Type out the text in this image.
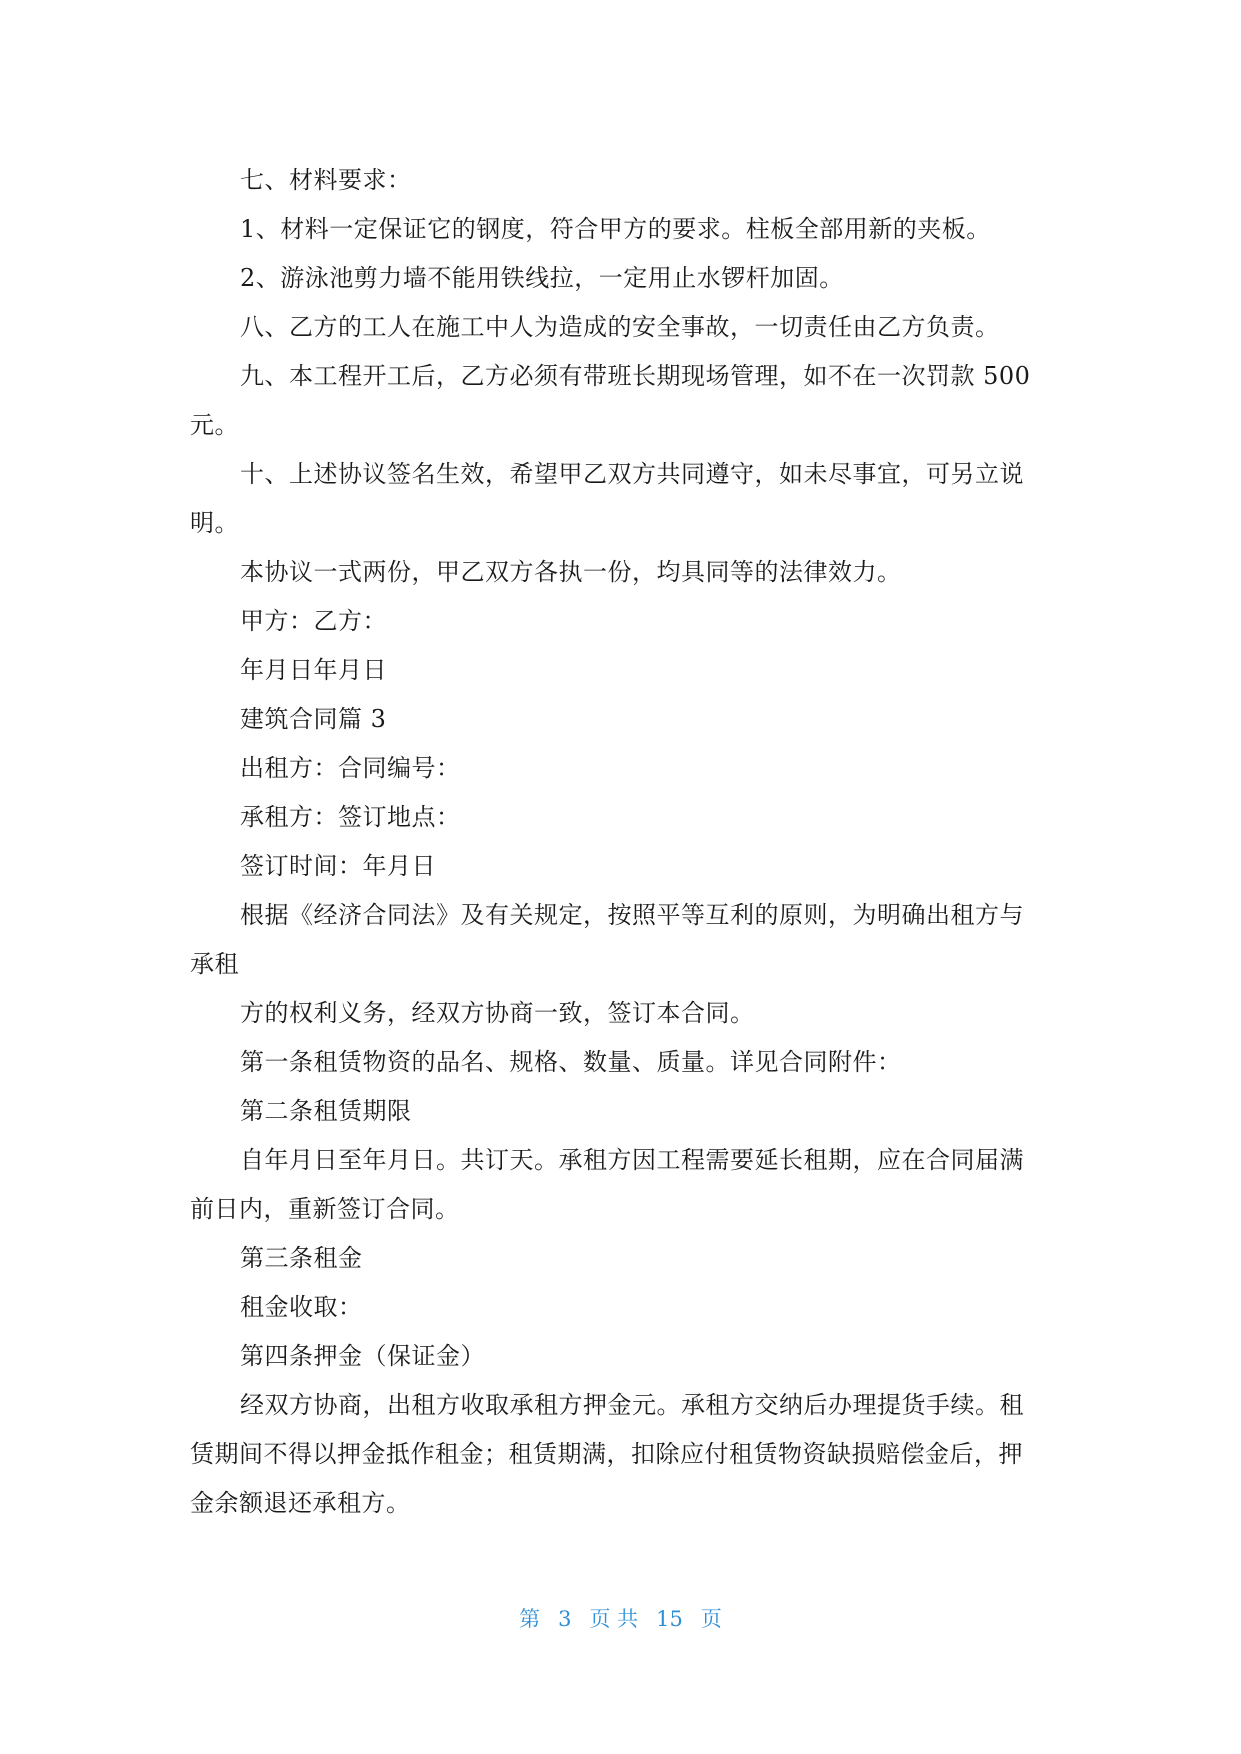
七、材料要求：

1、材料一定保证它的钢度，符合甲方的要求。柱板全部用新的夹板。

2、游泳池剪力墙不能用铁线拉，一定用止水锣杆加固。

八、乙方的工人在施工中人为造成的安全事故，一切责任由乙方负责。

九、本工程开工后，乙方必须有带班长期现场管理，如不在一次罚款 500 元。

十、上述协议签名生效，希望甲乙双方共同遵守，如未尽事宜，可另立说明。

本协议一式两份，甲乙双方各执一份，均具同等的法律效力。

甲方：乙方：

年月日年月日

建筑合同篇 3

出租方：合同编号：

承租方：签订地点：

签订时间：年月日

根据《经济合同法》及有关规定，按照平等互利的原则，为明确出租方与承租

方的权利义务，经双方协商一致，签订本合同。

第一条租赁物资的品名、规格、数量、质量。详见合同附件：

第二条租赁期限

自年月日至年月日。共订天。承租方因工程需要延长租期，应在合同届满前日内，重新签订合同。

第三条租金

租金收取：

第四条押金（保证金）

经双方协商，出租方收取承租方押金元。承租方交纳后办理提货手续。租赁期间不得以押金抵作租金；租赁期满，扣除应付租赁物资缺损赔偿金后，押金余额退还承租方。

第 3 页 共 15 页
